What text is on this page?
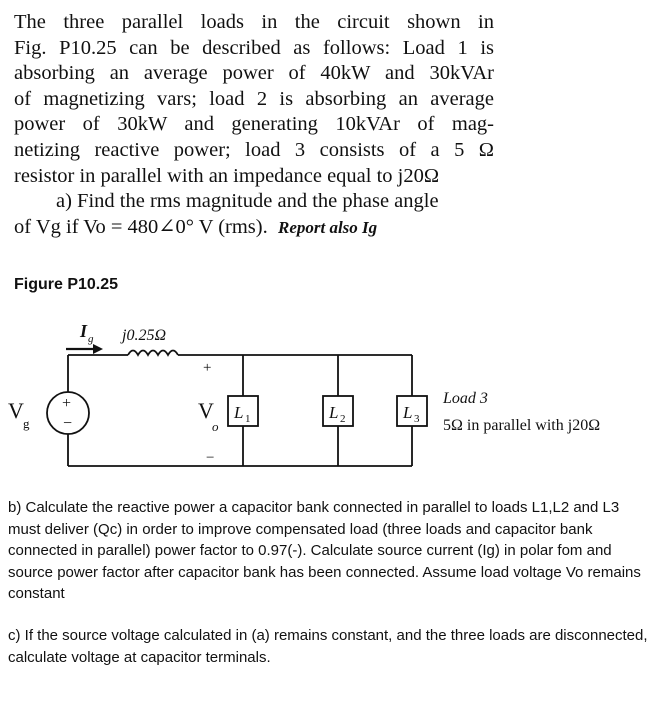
The three parallel loads in the circuit shown in
Fig. P10.25 can be described as follows: Load 1 is
absorbing an average power of 40kW and 30kVAr
of magnetizing vars; load 2 is absorbing an average
power of 30kW and generating 10kVAr of mag-
netizing reactive power; load 3 consists of a 5 Ω
resistor in parallel with an impedance equal to j20Ω
a) Find the rms magnitude and the phase angle
of Vg if Vo = 480∠0° V (rms). Report also Ig
Figure P10.25
+
−
V
g
I g j0.25Ω
+
V
o
−
L 1	L 2	L 3
Load 3
5Ω in parallel with j20Ω
b) Calculate the reactive power a capacitor bank connected in parallel to loads L1,L2 and L3 must deliver (Qc) in order to improve compensated load (three loads and capacitor bank connected in parallel) power factor to 0.97(-). Calculate source current (Ig) in polar fom and source power factor after capacitor bank has been connected. Assume load voltage Vo remains constant
c) If the source voltage calculated in (a) remains constant, and the three loads are disconnected, calculate voltage at capacitor terminals.
